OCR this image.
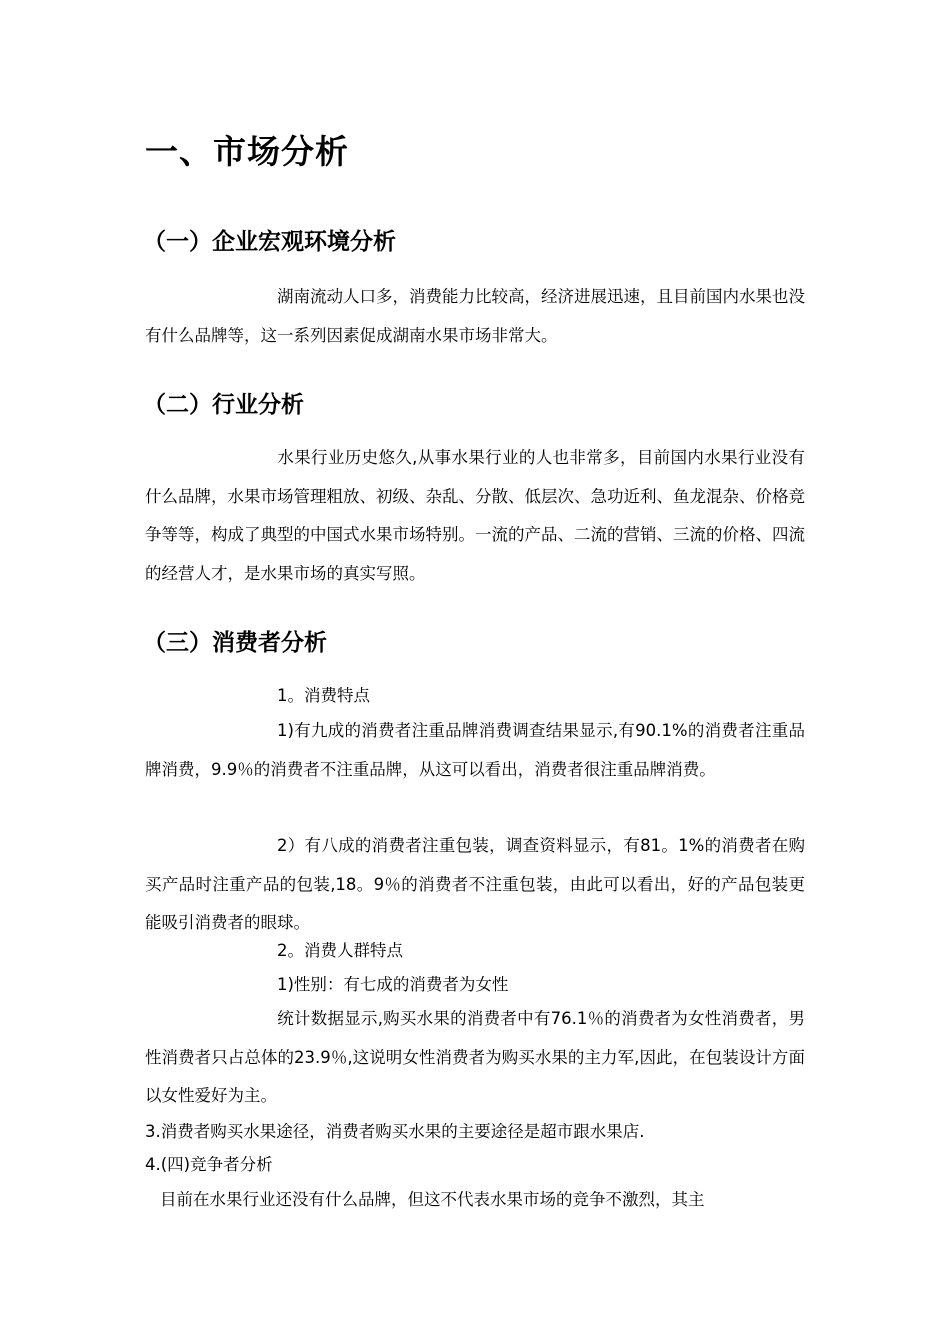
一、市场分析
（一）企业宏观环境分析
湖南流动人口多，消费能力比较高，经济进展迅速，且目前国内水果也没有什么品牌等，这一系列因素促成湖南水果市场非常大。
（二）行业分析
水果行业历史悠久,从事水果行业的人也非常多，目前国内水果行业没有什么品牌，水果市场管理粗放、初级、杂乱、分散、低层次、急功近利、鱼龙混杂、价格竞争等等，构成了典型的中国式水果市场特别。一流的产品、二流的营销、三流的价格、四流的经营人才，是水果市场的真实写照。
（三）消费者分析
1。消费特点
1)有九成的消费者注重品牌消费调查结果显示,有90.1%的消费者注重品牌消费，9.9％的消费者不注重品牌，从这可以看出，消费者很注重品牌消费。
2）有八成的消费者注重包装，调查资料显示，有81。1%的消费者在购买产品时注重产品的包装,18。9％的消费者不注重包装，由此可以看出，好的产品包装更能吸引消费者的眼球。
2。消费人群特点
1)性别：有七成的消费者为女性
统计数据显示,购买水果的消费者中有76.1％的消费者为女性消费者，男性消费者只占总体的23.9％,这说明女性消费者为购买水果的主力军,因此，在包装设计方面以女性爱好为主。
3.消费者购买水果途径，消费者购买水果的主要途径是超市跟水果店.
4.(四)竞争者分析
目前在水果行业还没有什么品牌，但这不代表水果市场的竞争不激烈，其主
